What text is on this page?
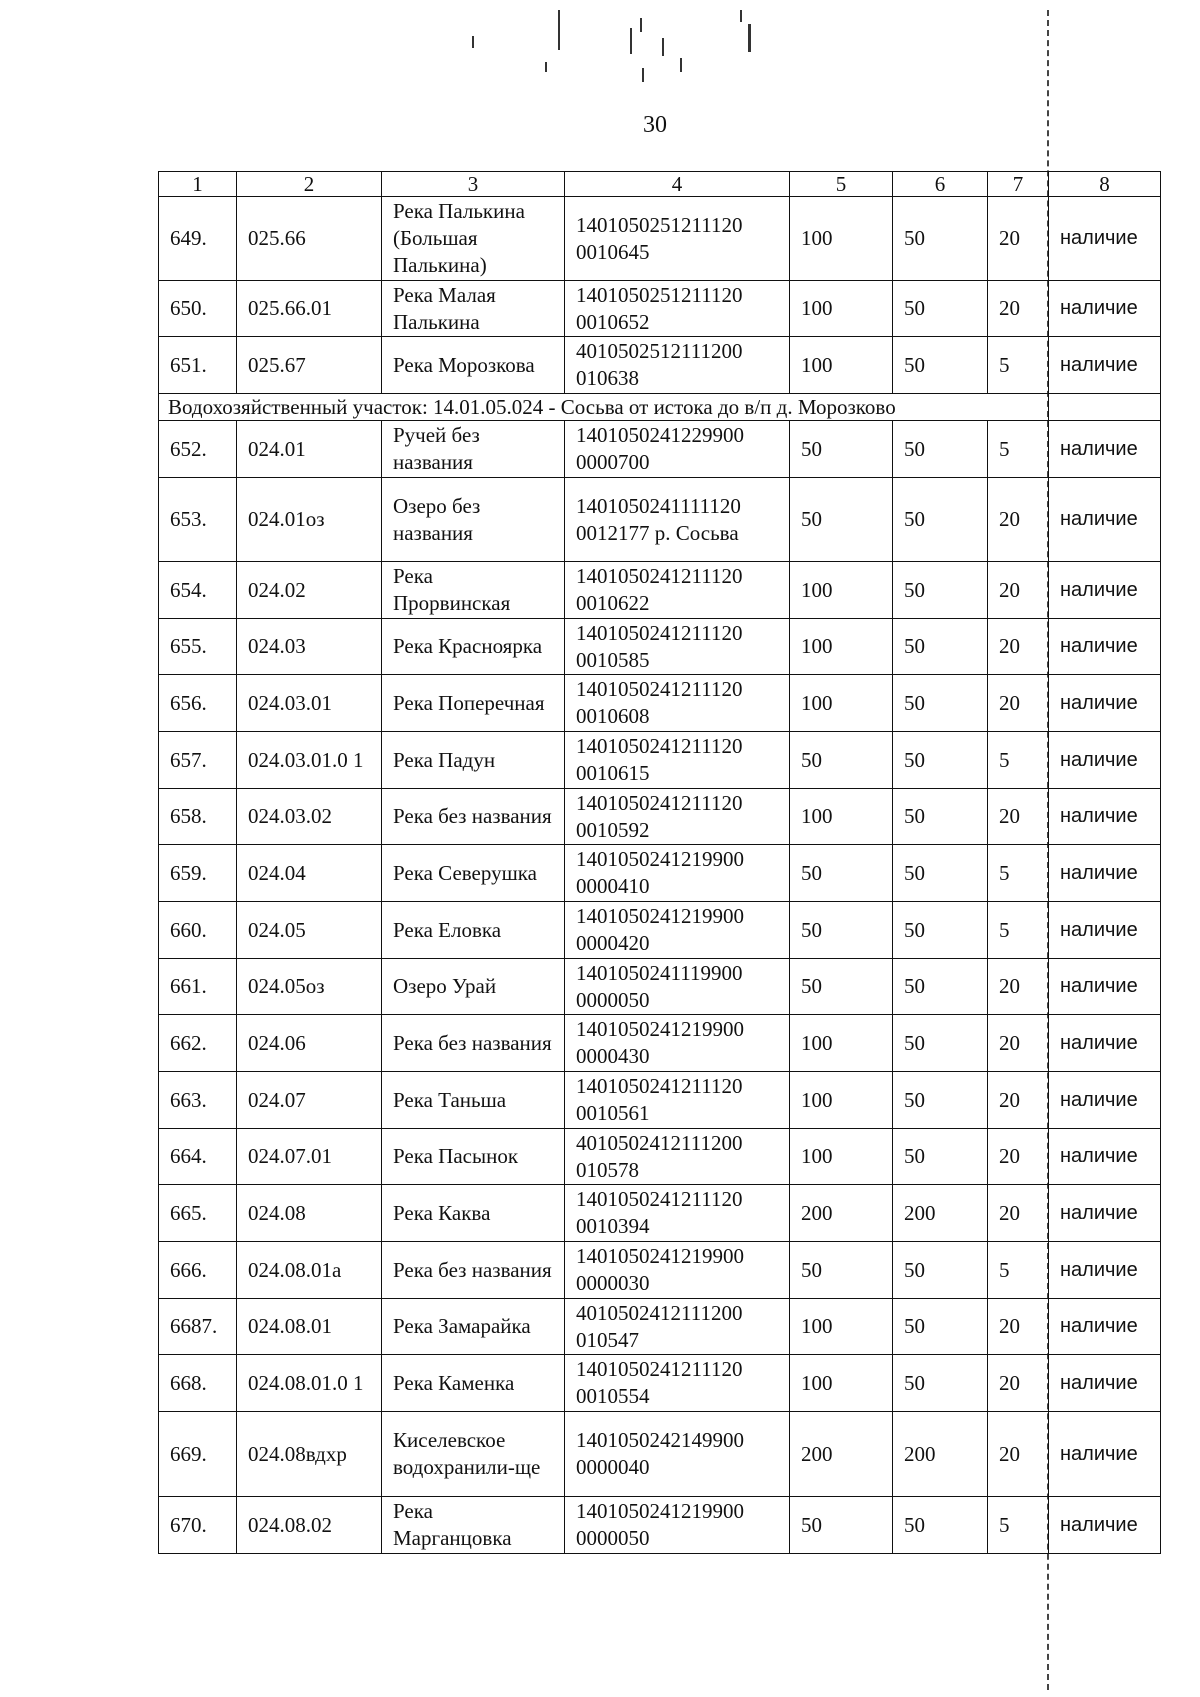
30
1	2	3	4	5	6	7	8
649.	025.66	Река Палькина (Большая Палькина)	1401050251211120 0010645	100	50	20	наличие
650.	025.66.01	Река Малая Палькина	1401050251211120 0010652	100	50	20	наличие
651.	025.67	Река Морозкова	4010502512111200 010638	100	50	5	наличие
Водохозяйственный участок: 14.01.05.024 - Сосьва от истока до в/п д. Морозково							
652.	024.01	Ручей без названия	1401050241229900 0000700	50	50	5	наличие
653.	024.01оз	Озеро без названия	1401050241111120 0012177 р. Сосьва	50	50	20	наличие
654.	024.02	Река Прорвинская	1401050241211120 0010622	100	50	20	наличие
655.	024.03	Река Красноярка	1401050241211120 0010585	100	50	20	наличие
656.	024.03.01	Река Поперечная	1401050241211120 0010608	100	50	20	наличие
657.	024.03.01.0 1	Река Падун	1401050241211120 0010615	50	50	5	наличие
658.	024.03.02	Река без названия	1401050241211120 0010592	100	50	20	наличие
659.	024.04	Река Северушка	1401050241219900 0000410	50	50	5	наличие
660.	024.05	Река Еловка	1401050241219900 0000420	50	50	5	наличие
661.	024.05оз	Озеро Урай	1401050241119900 0000050	50	50	20	наличие
662.	024.06	Река без названия	1401050241219900 0000430	100	50	20	наличие
663.	024.07	Река Таньша	1401050241211120 0010561	100	50	20	наличие
664.	024.07.01	Река Пасынок	4010502412111200 010578	100	50	20	наличие
665.	024.08	Река Каква	1401050241211120 0010394	200	200	20	наличие
666.	024.08.01а	Река без названия	1401050241219900 0000030	50	50	5	наличие
6687.	024.08.01	Река Замарайка	4010502412111200 010547	100	50	20	наличие
668.	024.08.01.0 1	Река Каменка	1401050241211120 0010554	100	50	20	наличие
669.	024.08вдхр	Киселевское водохранили-ще	1401050242149900 0000040	200	200	20	наличие
670.	024.08.02	Река Марганцовка	1401050241219900 0000050	50	50	5	наличие
